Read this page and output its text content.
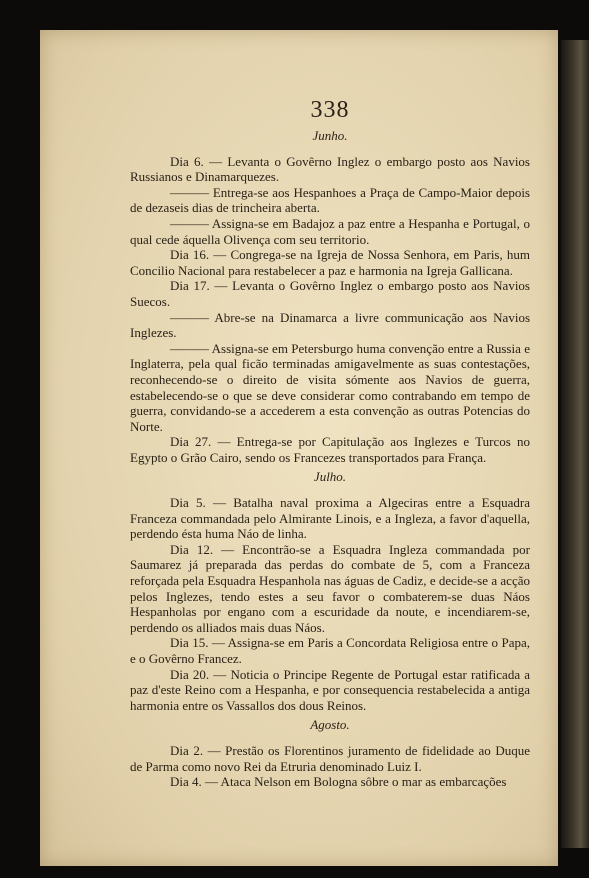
338
Junho.

Dia 6. — Levanta o Govêrno Inglez o embargo posto aos Navios Russianos e Dinamarquezes.

——— Entrega-se aos Hespanhoes a Praça de Campo-Maior depois de dezaseis dias de trincheira aberta.

——— Assigna-se em Badajoz a paz entre a Hespanha e Portugal, o qual cede áquella Olivença com seu territorio.

Dia 16. — Congrega-se na Igreja de Nossa Senhora, em Paris, hum Concilio Nacional para restabelecer a paz e harmonia na Igreja Gallicana.

Dia 17. — Levanta o Govêrno Inglez o embargo posto aos Navios Suecos.

——— Abre-se na Dinamarca a livre communicação aos Navios Inglezes.

——— Assigna-se em Petersburgo huma convenção entre a Russia e Inglaterra, pela qual ficão terminadas amigavelmente as suas contestações, reconhecendo-se o direito de visita sómente aos Navios de guerra, estabelecendo-se o que se deve considerar como contrabando em tempo de guerra, convidando-se a accederem a esta convenção as outras Potencias do Norte.

Dia 27. — Entrega-se por Capitulação aos Inglezes e Turcos no Egypto o Grão Cairo, sendo os Francezes transportados para França.

Julho.

Dia 5. — Batalha naval proxima a Algeciras entre a Esquadra Franceza commandada pelo Almirante Linois, e a Ingleza, a favor d'aquella, perdendo ésta huma Náo de linha.

Dia 12. — Encontrão-se a Esquadra Ingleza commandada por Saumarez já preparada das perdas do combate de 5, com a Franceza reforçada pela Esquadra Hespanhola nas águas de Cadiz, e decide-se a acção pelos Inglezes, tendo estes a seu favor o combaterem-se duas Náos Hespanholas por engano com a escuridade da noute, e incendiarem-se, perdendo os alliados mais duas Náos.

Dia 15. — Assigna-se em Paris a Concordata Religiosa entre o Papa, e o Govêrno Francez.

Dia 20. — Noticia o Principe Regente de Portugal estar ratificada a paz d'este Reino com a Hespanha, e por consequencia restabelecida a antiga harmonia entre os Vassallos dos dous Reinos.

Agosto.

Dia 2. — Prestão os Florentinos juramento de fidelidade ao Duque de Parma como novo Rei da Etruria denominado Luiz I.

Dia 4. — Ataca Nelson em Bologna sôbre o mar as embarcações
